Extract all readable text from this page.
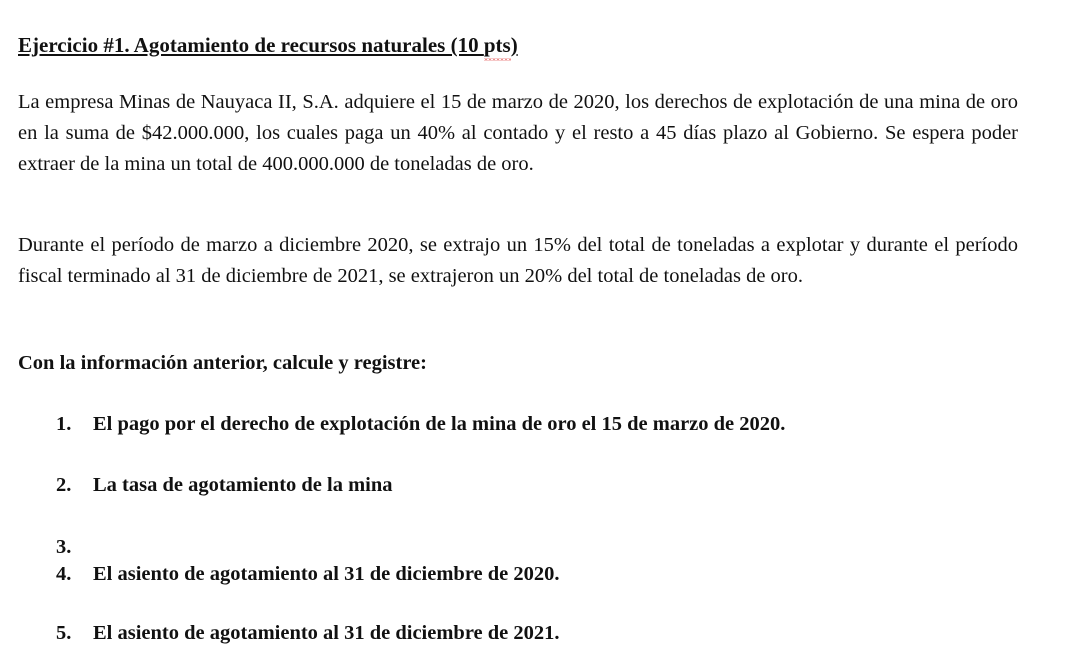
Ejercicio #1. Agotamiento de recursos naturales (10 pts)
La empresa Minas de Nauyaca II, S.A. adquiere el 15 de marzo de 2020, los derechos de explotación de una mina de oro en la suma de $42.000.000, los cuales paga un 40% al contado y el resto a 45 días plazo al Gobierno. Se espera poder extraer de la mina un total de 400.000.000 de toneladas de oro.
Durante el período de marzo a diciembre 2020, se extrajo un 15% del total de toneladas a explotar y durante el período fiscal terminado al 31 de diciembre de 2021, se extrajeron un 20% del total de toneladas de oro.
Con la información anterior, calcule y registre:
1. El pago por el derecho de explotación de la mina de oro el 15 de marzo de 2020.
2. La tasa de agotamiento de la mina
3.
4. El asiento de agotamiento al 31 de diciembre de 2020.
5. El asiento de agotamiento al 31 de diciembre de 2021.
